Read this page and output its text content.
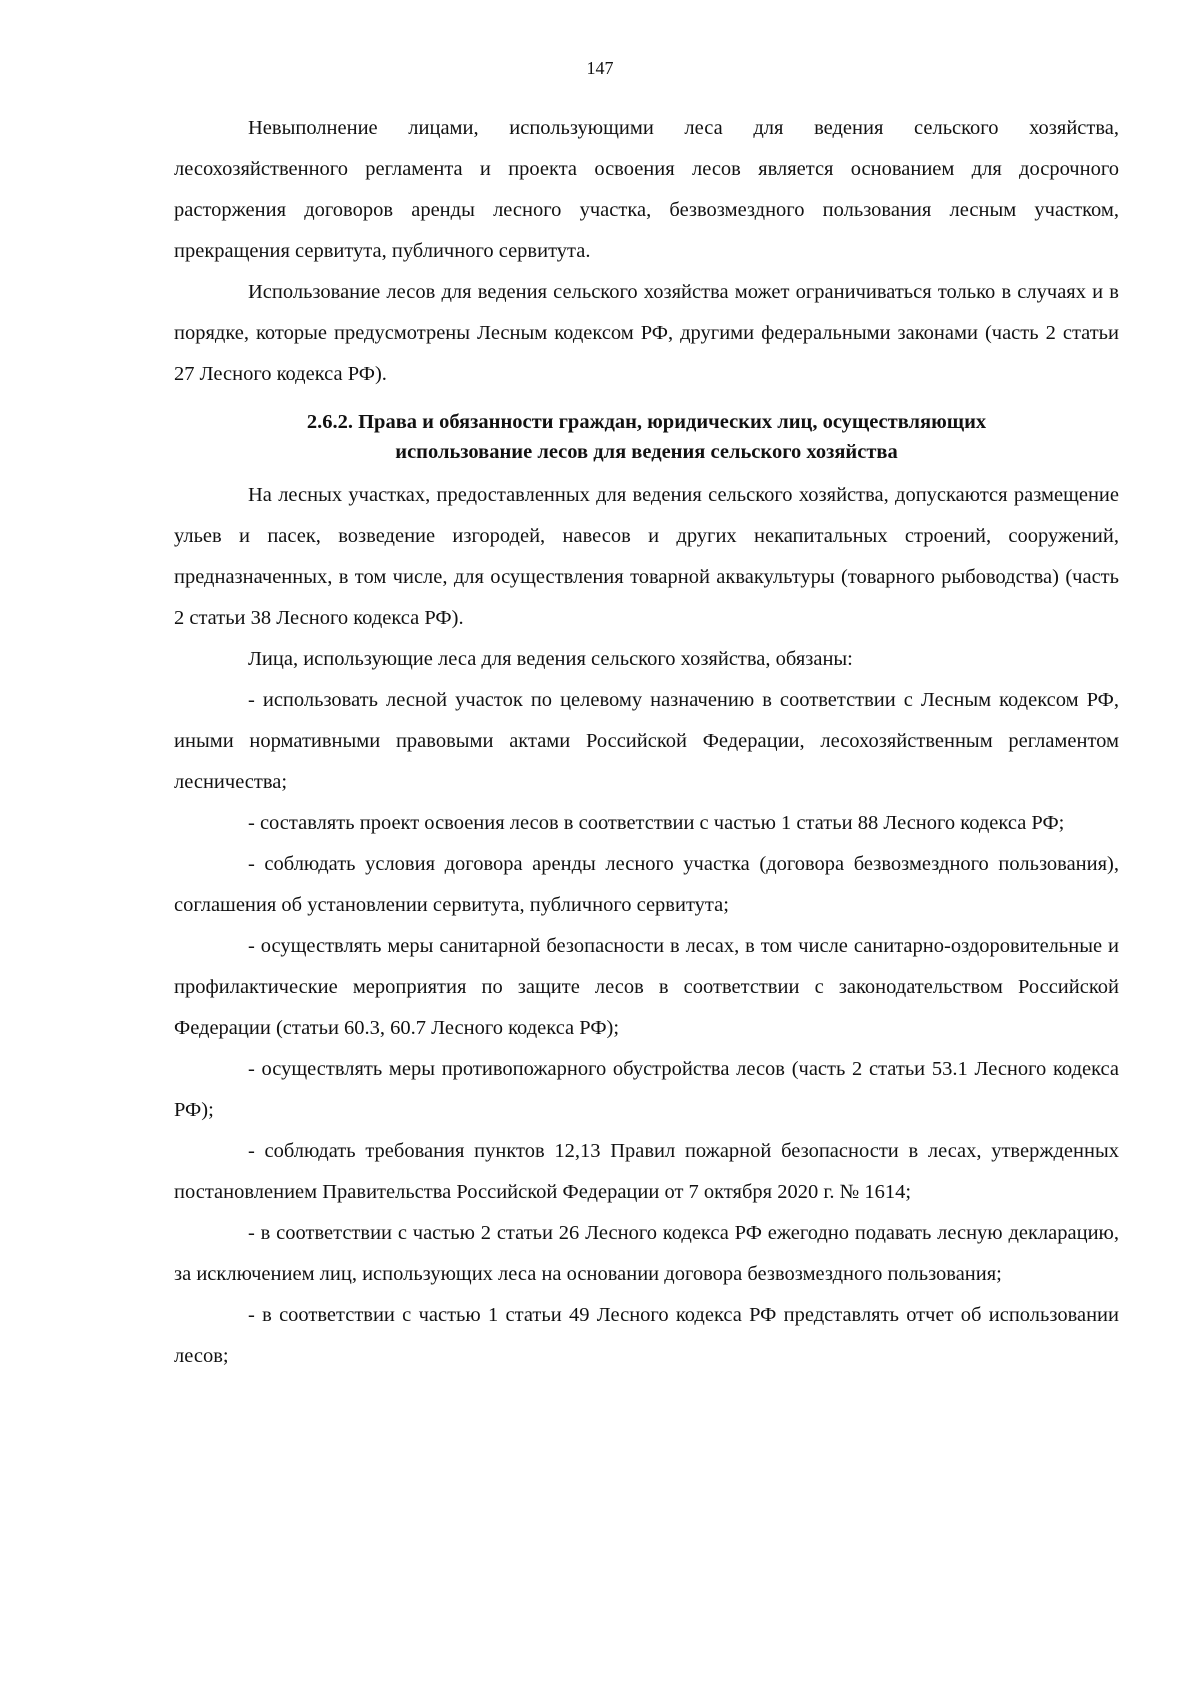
147

Невыполнение лицами, использующими леса для ведения сельского хозяйства, лесохозяйственного регламента и проекта освоения лесов является основанием для досрочного расторжения договоров аренды лесного участка, безвозмездного пользования лесным участком, прекращения сервитута, публичного сервитута.

Использование лесов для ведения сельского хозяйства может ограничиваться только в случаях и в порядке, которые предусмотрены Лесным кодексом РФ, другими федеральными законами (часть 2 статьи 27 Лесного кодекса РФ).

2.6.2. Права и обязанности граждан, юридических лиц, осуществляющих
использование лесов для ведения сельского хозяйства

На лесных участках, предоставленных для ведения сельского хозяйства, допускаются размещение ульев и пасек, возведение изгородей, навесов и других некапитальных строений, сооружений, предназначенных, в том числе, для осуществления товарной аквакультуры (товарного рыбоводства) (часть 2 статьи 38 Лесного кодекса РФ).

Лица, использующие леса для ведения сельского хозяйства, обязаны:

- использовать лесной участок по целевому назначению в соответствии с Лесным кодексом РФ, иными нормативными правовыми актами Российской Федерации, лесохозяйственным регламентом лесничества;

- составлять проект освоения лесов в соответствии с частью 1 статьи 88 Лесного кодекса РФ;

- соблюдать условия договора аренды лесного участка (договора безвозмездного пользования), соглашения об установлении сервитута, публичного сервитута;

- осуществлять меры санитарной безопасности в лесах, в том числе санитарно-оздоровительные и профилактические мероприятия по защите лесов в соответствии с законодательством Российской Федерации (статьи 60.3, 60.7 Лесного кодекса РФ);

- осуществлять меры противопожарного обустройства лесов (часть 2 статьи 53.1 Лесного кодекса РФ);

- соблюдать требования пунктов 12,13 Правил пожарной безопасности в лесах, утвержденных постановлением Правительства Российской Федерации от 7 октября 2020 г. № 1614;

- в соответствии с частью 2 статьи 26 Лесного кодекса РФ ежегодно подавать лесную декларацию, за исключением лиц, использующих леса на основании договора безвозмездного пользования;

- в соответствии с частью 1 статьи 49 Лесного кодекса РФ представлять отчет об использовании лесов;
